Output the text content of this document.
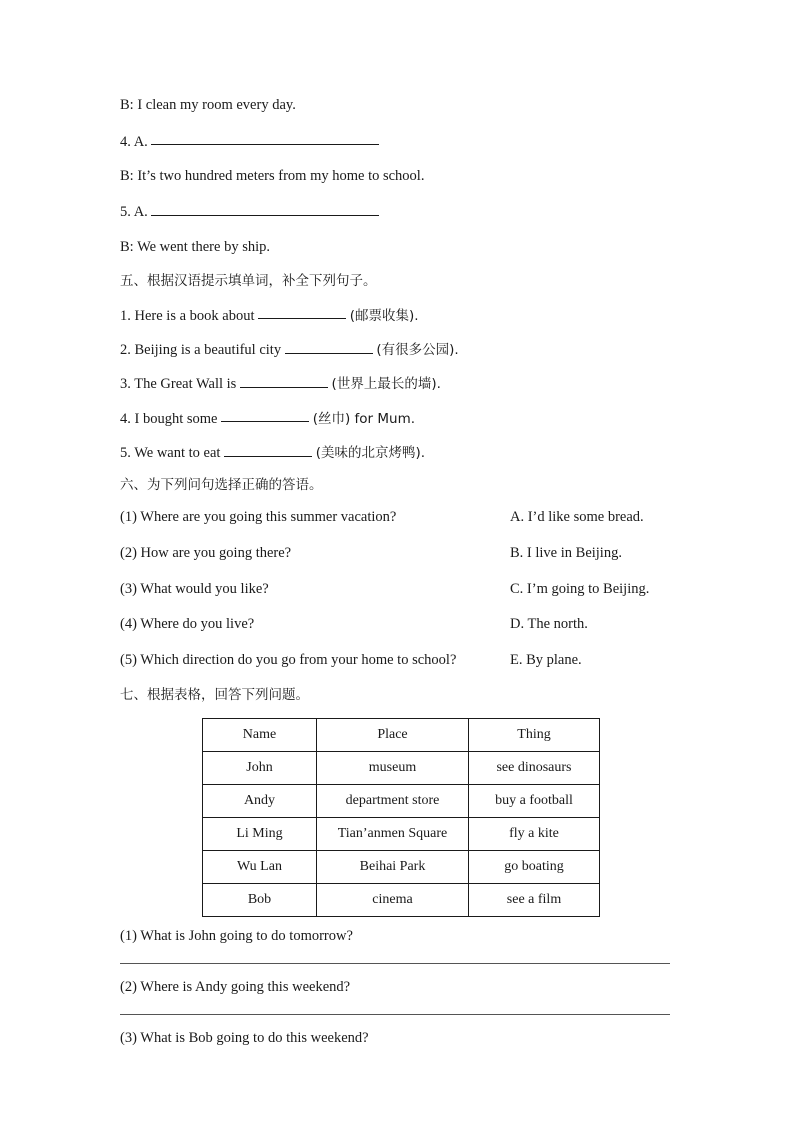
B: I clean my room every day.

4. A.

B: It’s two hundred meters from my home to school.

5. A.

B: We went there by ship.

五、根据汉语提示填单词，补全下列句子。

1. Here is a book about	(邮票收集).

2. Beijing is a beautiful city	(有很多公园).

3. The Great Wall is	(世界上最长的墙).

4. I bought some	(丝巾) for Mum.

5. We want to eat	(美味的北京烤鸭).

六、为下列问句选择正确的答语。

(1) Where are you going this summer vacation?	A. I’d like some bread.
(2) How are you going there?	B. I live in Beijing.
(3) What would you like?	C. I’m going to Beijing.
(4) Where do you live?	D. The north.
(5) Which direction do you go from your home to school?	E. By plane.

七、根据表格，回答下列问题。

Name	Place	Thing
John	museum	see dinosaurs
Andy	department store	buy a football
Li Ming	Tian’anmen Square	fly a kite
Wu Lan	Beihai Park	go boating
Bob	cinema	see a film

(1) What is John going to do tomorrow?

(2) Where is Andy going this weekend?

(3) What is Bob going to do this weekend?
